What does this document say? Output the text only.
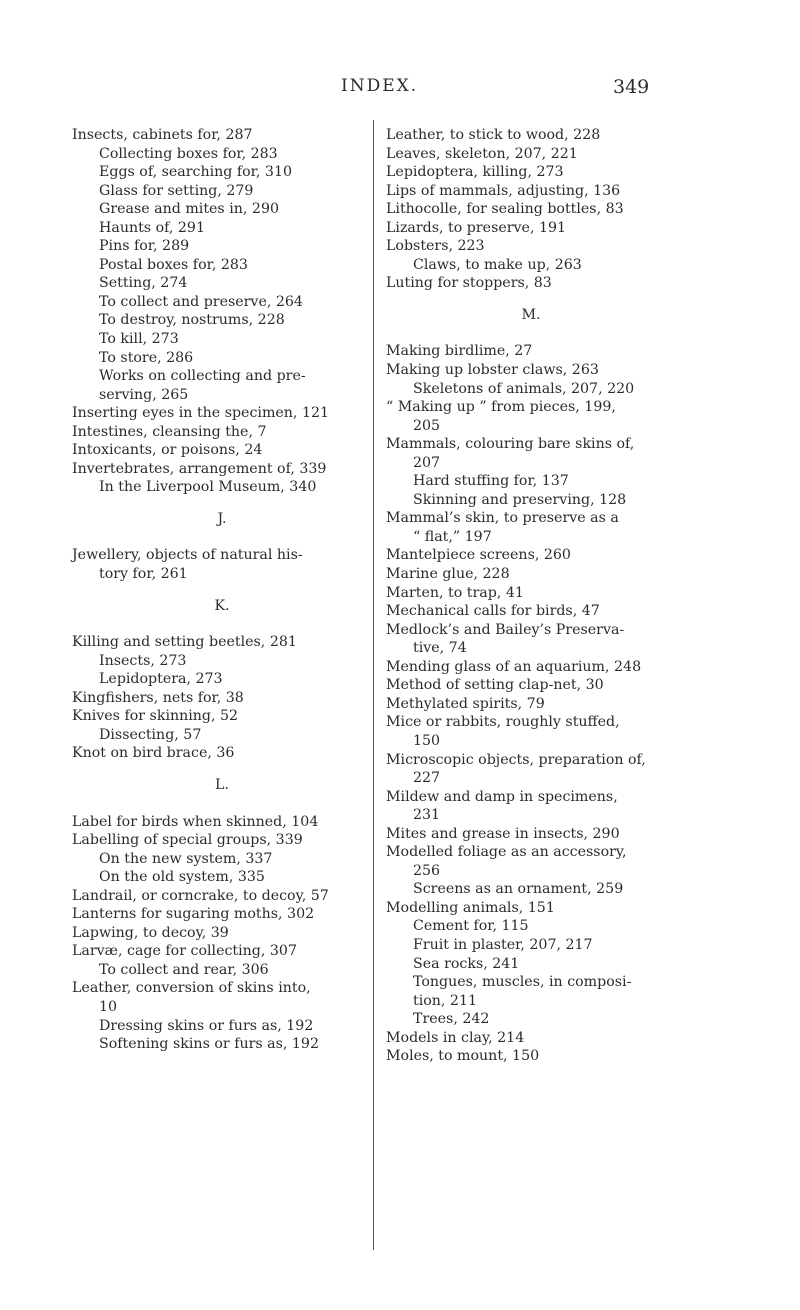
INDEX.	349
Insects, cabinets for, 287
Collecting boxes for, 283
Eggs of, searching for, 310
Glass for setting, 279
Grease and mites in, 290
Haunts of, 291
Pins for, 289
Postal boxes for, 283
Setting, 274
To collect and preserve, 264
To destroy, nostrums, 228
To kill, 273
To store, 286
Works on collecting and pre-
serving, 265
Inserting eyes in the specimen, 121
Intestines, cleansing the, 7
Intoxicants, or poisons, 24
Invertebrates, arrangement of, 339
In the Liverpool Museum, 340
J.
Jewellery, objects of natural his-
tory for, 261
K.
Killing and setting beetles, 281
Insects, 273
Lepidoptera, 273
Kingfishers, nets for, 38
Knives for skinning, 52
Dissecting, 57
Knot on bird brace, 36
L.
Label for birds when skinned, 104
Labelling of special groups, 339
On the new system, 337
On the old system, 335
Landrail, or corncrake, to decoy, 57
Lanterns for sugaring moths, 302
Lapwing, to decoy, 39
Larvæ, cage for collecting, 307
To collect and rear, 306
Leather, conversion of skins into,
10
Dressing skins or furs as, 192
Softening skins or furs as, 192
Leather, to stick to wood, 228
Leaves, skeleton, 207, 221
Lepidoptera, killing, 273
Lips of mammals, adjusting, 136
Lithocolle, for sealing bottles, 83
Lizards, to preserve, 191
Lobsters, 223
Claws, to make up, 263
Luting for stoppers, 83
M.
Making birdlime, 27
Making up lobster claws, 263
Skeletons of animals, 207, 220
“ Making up ” from pieces, 199,
205
Mammals, colouring bare skins of,
207
Hard stuffing for, 137
Skinning and preserving, 128
Mammal’s skin, to preserve as a
“ flat,” 197
Mantelpiece screens, 260
Marine glue, 228
Marten, to trap, 41
Mechanical calls for birds, 47
Medlock’s and Bailey’s Preserva-
tive, 74
Mending glass of an aquarium, 248
Method of setting clap-net, 30
Methylated spirits, 79
Mice or rabbits, roughly stuffed,
150
Microscopic objects, preparation of,
227
Mildew and damp in specimens,
231
Mites and grease in insects, 290
Modelled foliage as an accessory,
256
Screens as an ornament, 259
Modelling animals, 151
Cement for, 115
Fruit in plaster, 207, 217
Sea rocks, 241
Tongues, muscles, in composi-
tion, 211
Trees, 242
Models in clay, 214
Moles, to mount, 150
